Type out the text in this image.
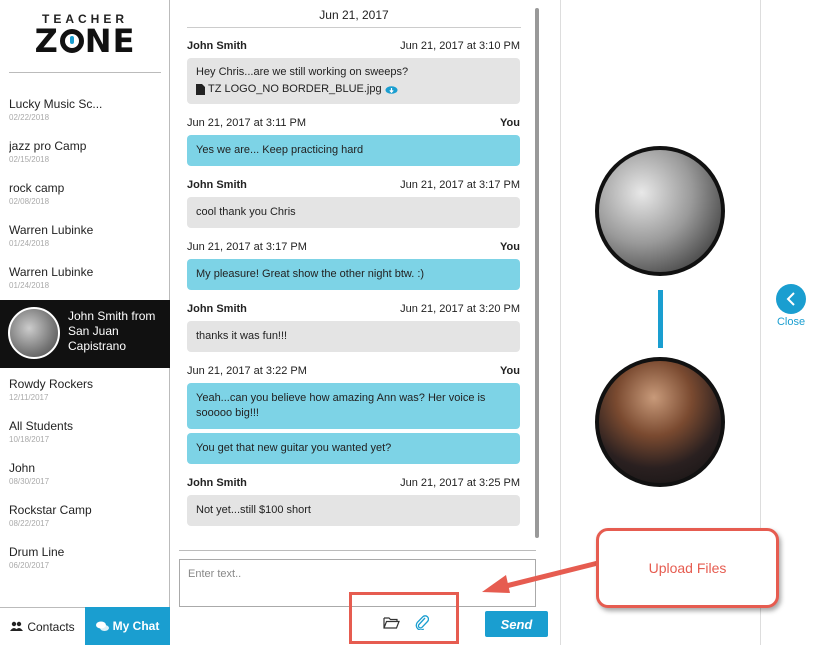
TEACHER
Z NE
Lucky Music Sc...
02/22/2018
jazz pro Camp
02/15/2018
rock camp
02/08/2018
Warren Lubinke
01/24/2018
Warren Lubinke
01/24/2018
John Smith from San Juan Capistrano
Rowdy Rockers
12/11/2017
All Students
10/18/2017
John
08/30/2017
Rockstar Camp
08/22/2017
Drum Line
06/20/2017
Contacts	My Chat
Jun 21, 2017
John Smith	Jun 21, 2017 at 3:10 PM
Hey Chris...are we still working on sweeps?
TZ LOGO_NO BORDER_BLUE.jpg
Jun 21, 2017 at 3:11 PM	You
Yes we are... Keep practicing hard
John Smith	Jun 21, 2017 at 3:17 PM
cool thank you Chris
Jun 21, 2017 at 3:17 PM	You
My pleasure! Great show the other night btw. :)
John Smith	Jun 21, 2017 at 3:20 PM
thanks it was fun!!!
Jun 21, 2017 at 3:22 PM	You
Yeah...can you believe how amazing Ann was? Her voice is sooooo big!!!
You get that new guitar you wanted yet?
John Smith	Jun 21, 2017 at 3:25 PM
Not yet...still $100 short
Enter text..
Send
Close
Upload Files
